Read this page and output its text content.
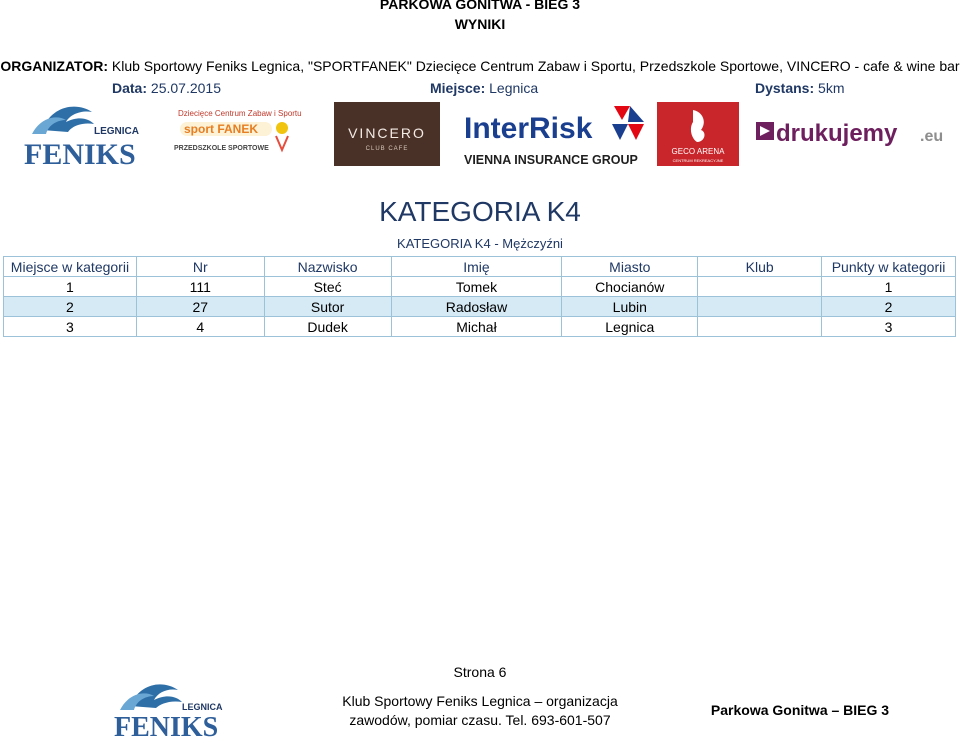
PARKOWA GONITWA - BIEG 3
WYNIKI
ORGANIZATOR: Klub Sportowy Feniks Legnica, "SPORTFANEK" Dziecięce Centrum Zabaw i Sportu, Przedszkole Sportowe, VINCERO - cafe & wine bar
Data: 25.07.2015	Miejsce: Legnica	Dystans: 5km
LEGNICA
FENIKS
Dziecięce Centrum Zabaw i Sportu
sport FANEK
PRZEDSZKOLE SPORTOWE
VINCERO
CLUB CAFE
InterRisk
VIENNA INSURANCE GROUP
GECO ARENA
CENTRUM REKREACYJNE
drukujemy .eu
KATEGORIA K4
KATEGORIA K4 - Mężczyźni
Miejsce w kategorii	Nr	Nazwisko	Imię	Miasto	Klub	Punkty w kategorii
1	111	Steć	Tomek	Chocianów		1
2	27	Sutor	Radosław	Lubin		2
3	4	Dudek	Michał	Legnica		3
Strona 6
LEGNICA
FENIKS
Klub Sportowy Feniks Legnica – organizacja
zawodów, pomiar czasu. Tel. 693-601-507
Parkowa Gonitwa – BIEG 3
